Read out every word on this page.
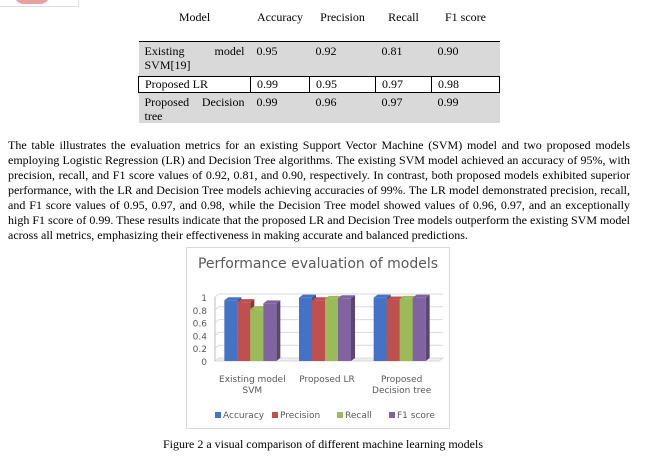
Model	Accuracy	Precision	Recall	F1 score
Existing model
SVM[19]	0.95	0.92	0.81	0.90
Proposed LR	0.99	0.95	0.97	0.98
Proposed Decision
tree	0.99	0.96	0.97	0.99

The table illustrates the evaluation metrics for an existing Support Vector Machine (SVM) model and two proposed models employing Logistic Regression (LR) and Decision Tree algorithms. The existing SVM model achieved an accuracy of 95%, with precision, recall, and F1 score values of 0.92, 0.81, and 0.90, respectively. In contrast, both proposed models exhibited superior performance, with the LR and Decision Tree models achieving accuracies of 99%. The LR model demonstrated precision, recall, and F1 score values of 0.95, 0.97, and 0.98, while the Decision Tree model showed values of 0.96, 0.97, and an exceptionally high F1 score of 0.99. These results indicate that the proposed LR and Decision Tree models outperform the existing SVM model across all metrics, emphasizing their effectiveness in making accurate and balanced predictions.

Performance evaluation of models
0
0.2
0.4
0.6
0.8
1
Existing model
SVM
Proposed LR	Proposed
Decision tree
Accuracy Precision	Recall	F1 score
Figure 2 a visual comparison of different machine learning models
